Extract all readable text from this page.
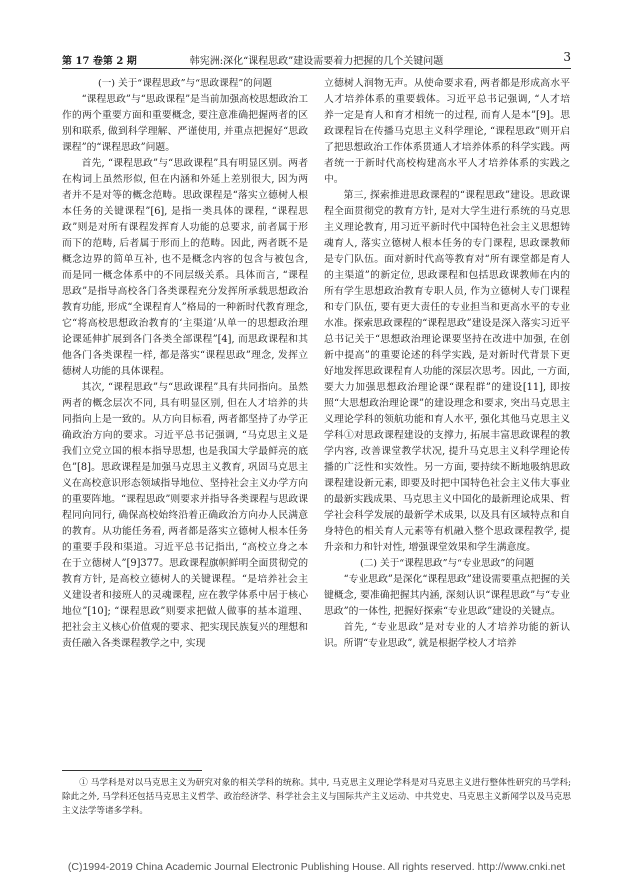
第 17 卷第 2 期	韩宪洲:深化“课程思政”建设需要着力把握的几个关键问题	3

(一) 关于“课程思政”与“思政课程”的问题

“课程思政”与“思政课程”是当前加强高校思想政治工作的两个重要方面和重要概念, 要注意准确把握两者的区别和联系, 做到科学理解、严谨使用, 并重点把握好“思政课程”的“课程思政”问题。

首先, “课程思政”与“思政课程”具有明显区别。两者在构词上虽然形似, 但在内涵和外延上差别很大, 因为两者并不是对等的概念范畴。思政课程是“落实立德树人根本任务的关键课程”[6], 是指一类具体的课程, “课程思政”则是对所有课程发挥育人功能的总要求, 前者属于形而下的范畴, 后者属于形而上的范畴。因此, 两者既不是概念边界的简单互补, 也不是概念内容的包含与被包含, 而是同一概念体系中的不同层级关系。具体而言, “课程思政”是指导高校各门各类课程充分发挥所承载思想政治教育功能, 形成“全课程育人”格局的一种新时代教育理念, 它“将高校思想政治教育的‘主渠道’从单一的思想政治理论课延伸扩展到各门各类全部课程”[4], 而思政课程和其他各门各类课程一样, 都是落实“课程思政”理念, 发挥立德树人功能的具体课程。

其次, “课程思政”与“思政课程”具有共同指向。虽然两者的概念层次不同, 具有明显区别, 但在人才培养的共同指向上是一致的。从方向目标看, 两者都坚持了办学正确政治方向的要求。习近平总书记强调, “马克思主义是我们立党立国的根本指导思想, 也是我国大学最鲜亮的底色”[8]。思政课程是加强马克思主义教育, 巩固马克思主义在高校意识形态领域指导地位、坚持社会主义办学方向的重要阵地。“课程思政”则要求并指导各类课程与思政课程同向同行, 确保高校始终沿着正确政治方向办人民满意的教育。从功能任务看, 两者都是落实立德树人根本任务的重要手段和渠道。习近平总书记指出, “高校立身之本在于立德树人”[9]377。思政课程旗帜鲜明全面贯彻党的教育方针, 是高校立德树人的关键课程。“是培养社会主义建设者和接班人的灵魂课程, 应在教学体系中居于核心地位”[10]; “课程思政”则要求把做人做事的基本道理、把社会主义核心价值观的要求、把实现民族复兴的理想和责任融入各类课程教学之中, 实现

立德树人润物无声。从使命要求看, 两者都是形成高水平人才培养体系的重要载体。习近平总书记强调, “人才培养一定是育人和育才相统一的过程, 而育人是本”[9]。思政课程旨在传播马克思主义科学理论, “课程思政”则开启了把思想政治工作体系贯通人才培养体系的科学实践。两者统一于新时代高校构建高水平人才培养体系的实践之中。

第三, 探索推进思政课程的“课程思政”建设。思政课程全面贯彻党的教育方针, 是对大学生进行系统的马克思主义理论教育, 用习近平新时代中国特色社会主义思想铸魂育人, 落实立德树人根本任务的专门课程, 思政课教师是专门队伍。面对新时代高等教育对“所有课堂都是育人的主渠道”的新定位, 思政课程和包括思政课教师在内的所有学生思想政治教育专职人员, 作为立德树人专门课程和专门队伍, 要有更大责任的专业担当和更高水平的专业水准。探索思政课程的“课程思政”建设是深入落实习近平总书记关于“思想政治理论课要坚持在改进中加强, 在创新中提高”的重要论述的科学实践, 是对新时代背景下更好地发挥思政课程育人功能的深层次思考。因此, 一方面, 要大力加强思想政治理论课“课程群”的建设[11], 即按照“大思想政治理论课”的建设理念和要求, 突出马克思主义理论学科的领航功能和育人水平, 强化其他马克思主义学科①对思政课程建设的支撑力, 拓展丰富思政课程的教学内容, 改善课堂教学状况, 提升马克思主义科学理论传播的广泛性和实效性。另一方面, 要持续不断地吸纳思政课程建设新元素, 即要及时把中国特色社会主义伟大事业的最新实践成果、马克思主义中国化的最新理论成果、哲学社会科学发展的最新学术成果, 以及具有区域特点和自身特色的相关育人元素等有机融入整个思政课程教学, 提升亲和力和针对性, 增强课堂效果和学生满意度。

(二) 关于“课程思政”与“专业思政”的问题

“专业思政”是深化“课程思政”建设需要重点把握的关键概念, 要准确把握其内涵, 深刻认识“课程思政”与“专业思政”的一体性, 把握好探索“专业思政”建设的关键点。

首先, “专业思政”是对专业的人才培养功能的新认识。所谓“专业思政”, 就是根据学校人才培养

① 马学科是对以马克思主义为研究对象的相关学科的统称。其中, 马克思主义理论学科是对马克思主义进行整体性研究的马学科; 除此之外, 马学科还包括马克思主义哲学、政治经济学、科学社会主义与国际共产主义运动、中共党史、马克思主义新闻学以及马克思主义法学等诸多学科。

(C)1994-2019 China Academic Journal Electronic Publishing House. All rights reserved. http://www.cnki.net
